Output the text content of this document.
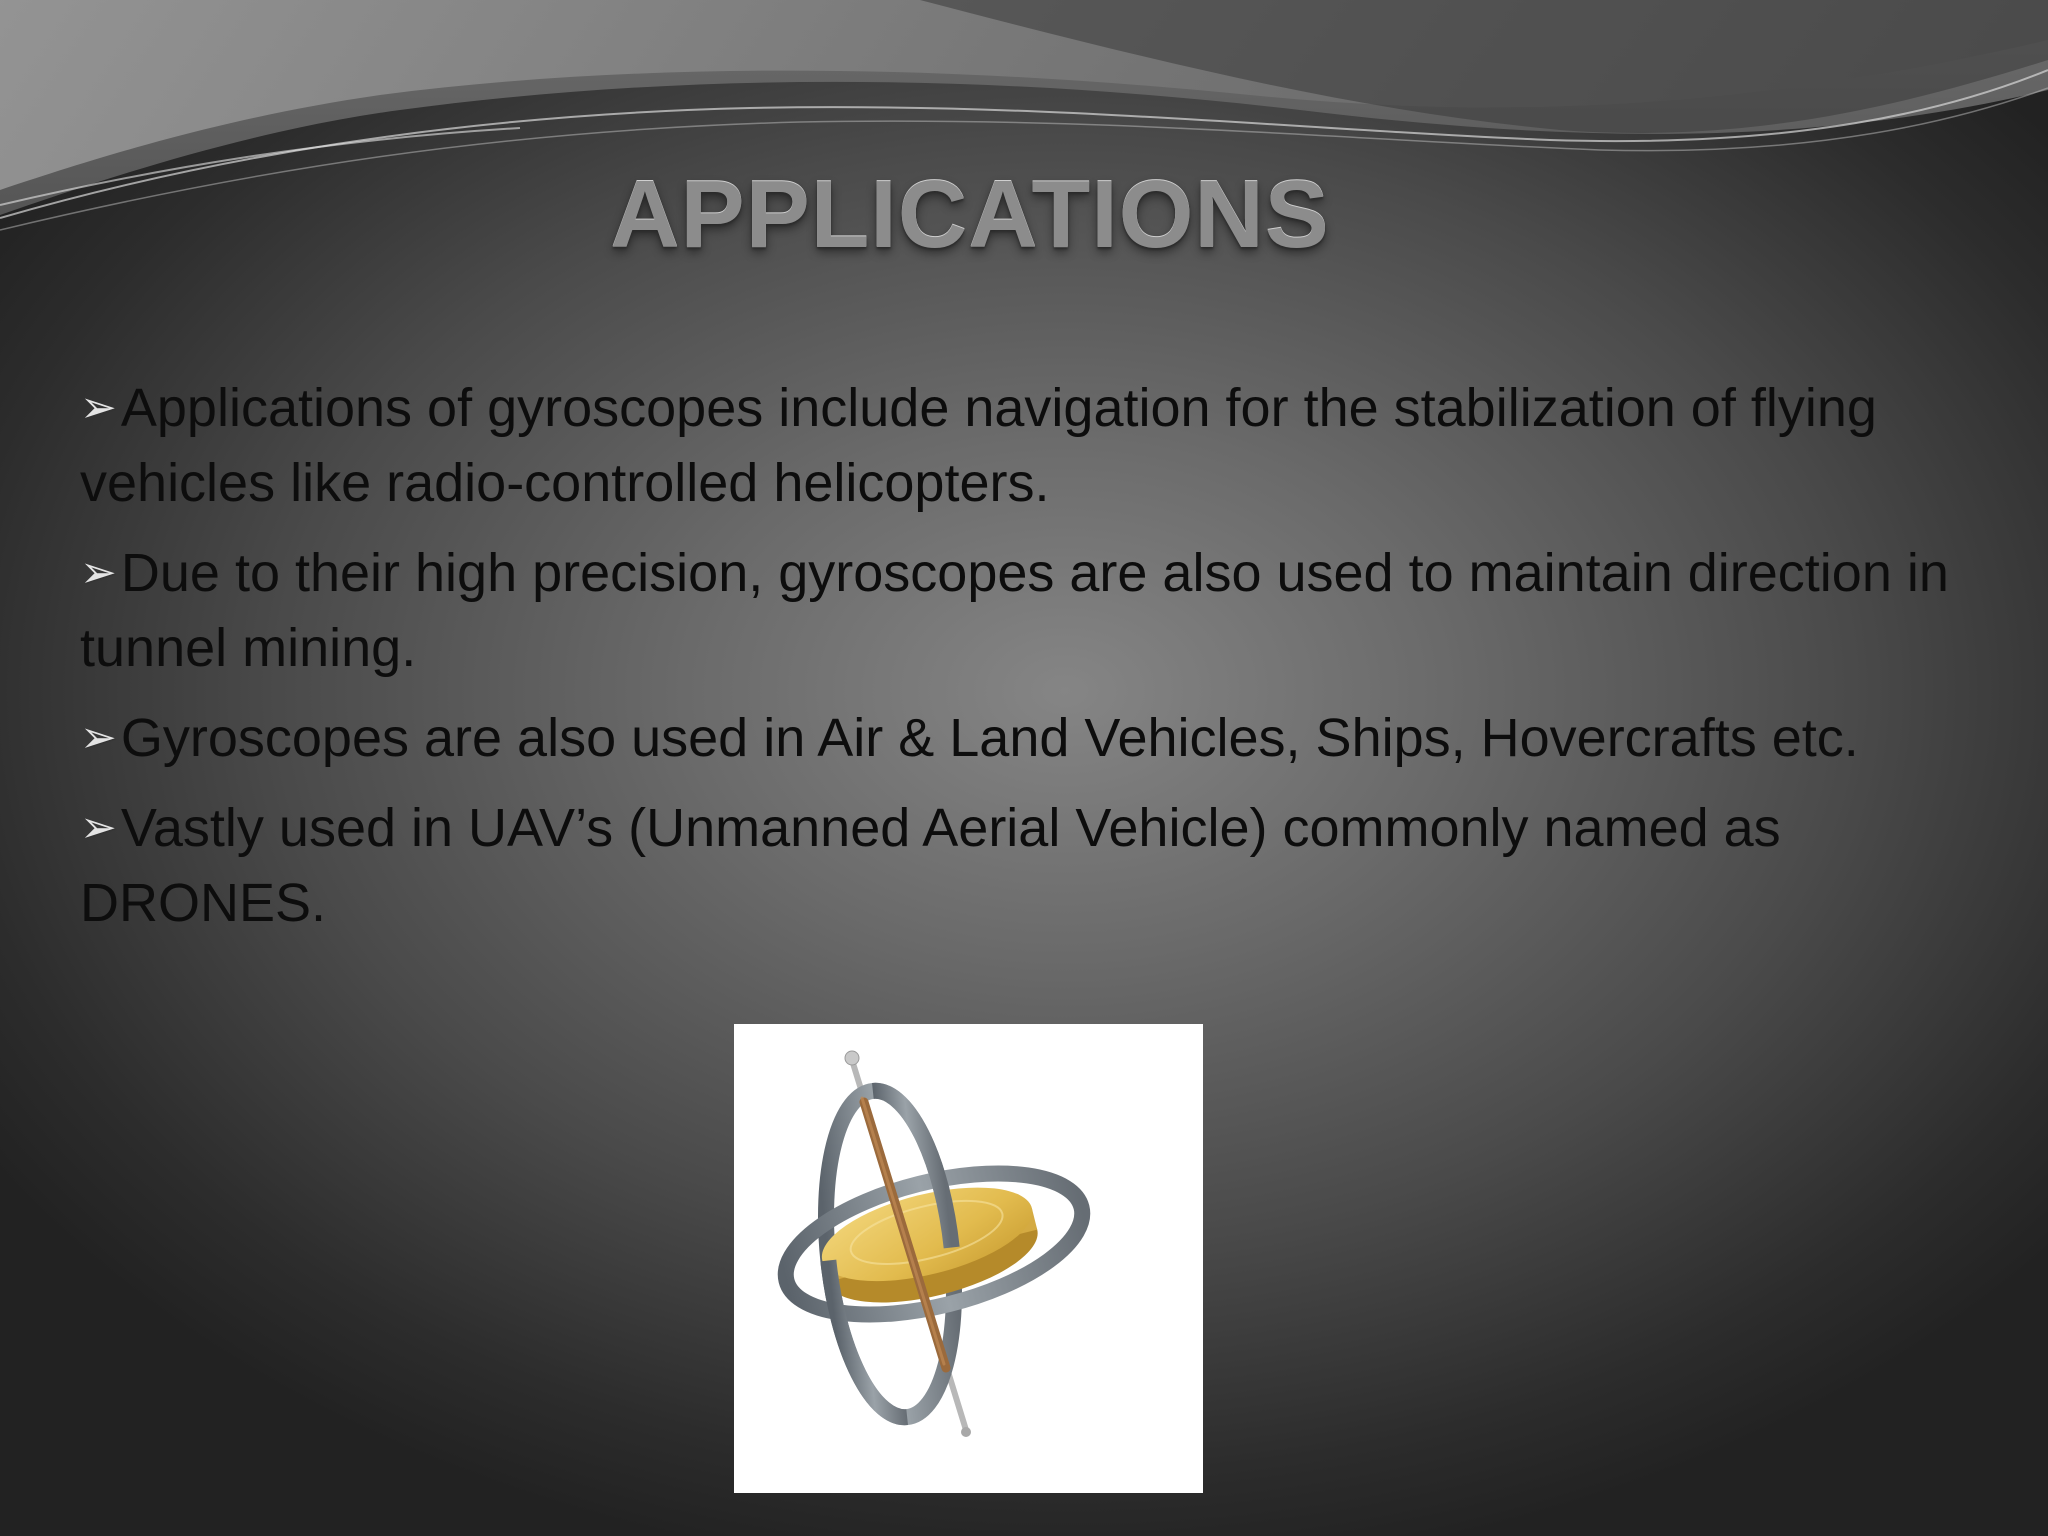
APPLICATIONS
➢Applications of gyroscopes include navigation for the stabilization of flying vehicles like radio-controlled helicopters.
➢Due to their high precision, gyroscopes are also used to maintain direction in tunnel mining.
➢Gyroscopes are also used in Air & Land Vehicles, Ships, Hovercrafts etc.
➢Vastly used in UAV’s (Unmanned Aerial Vehicle) commonly named as DRONES.
